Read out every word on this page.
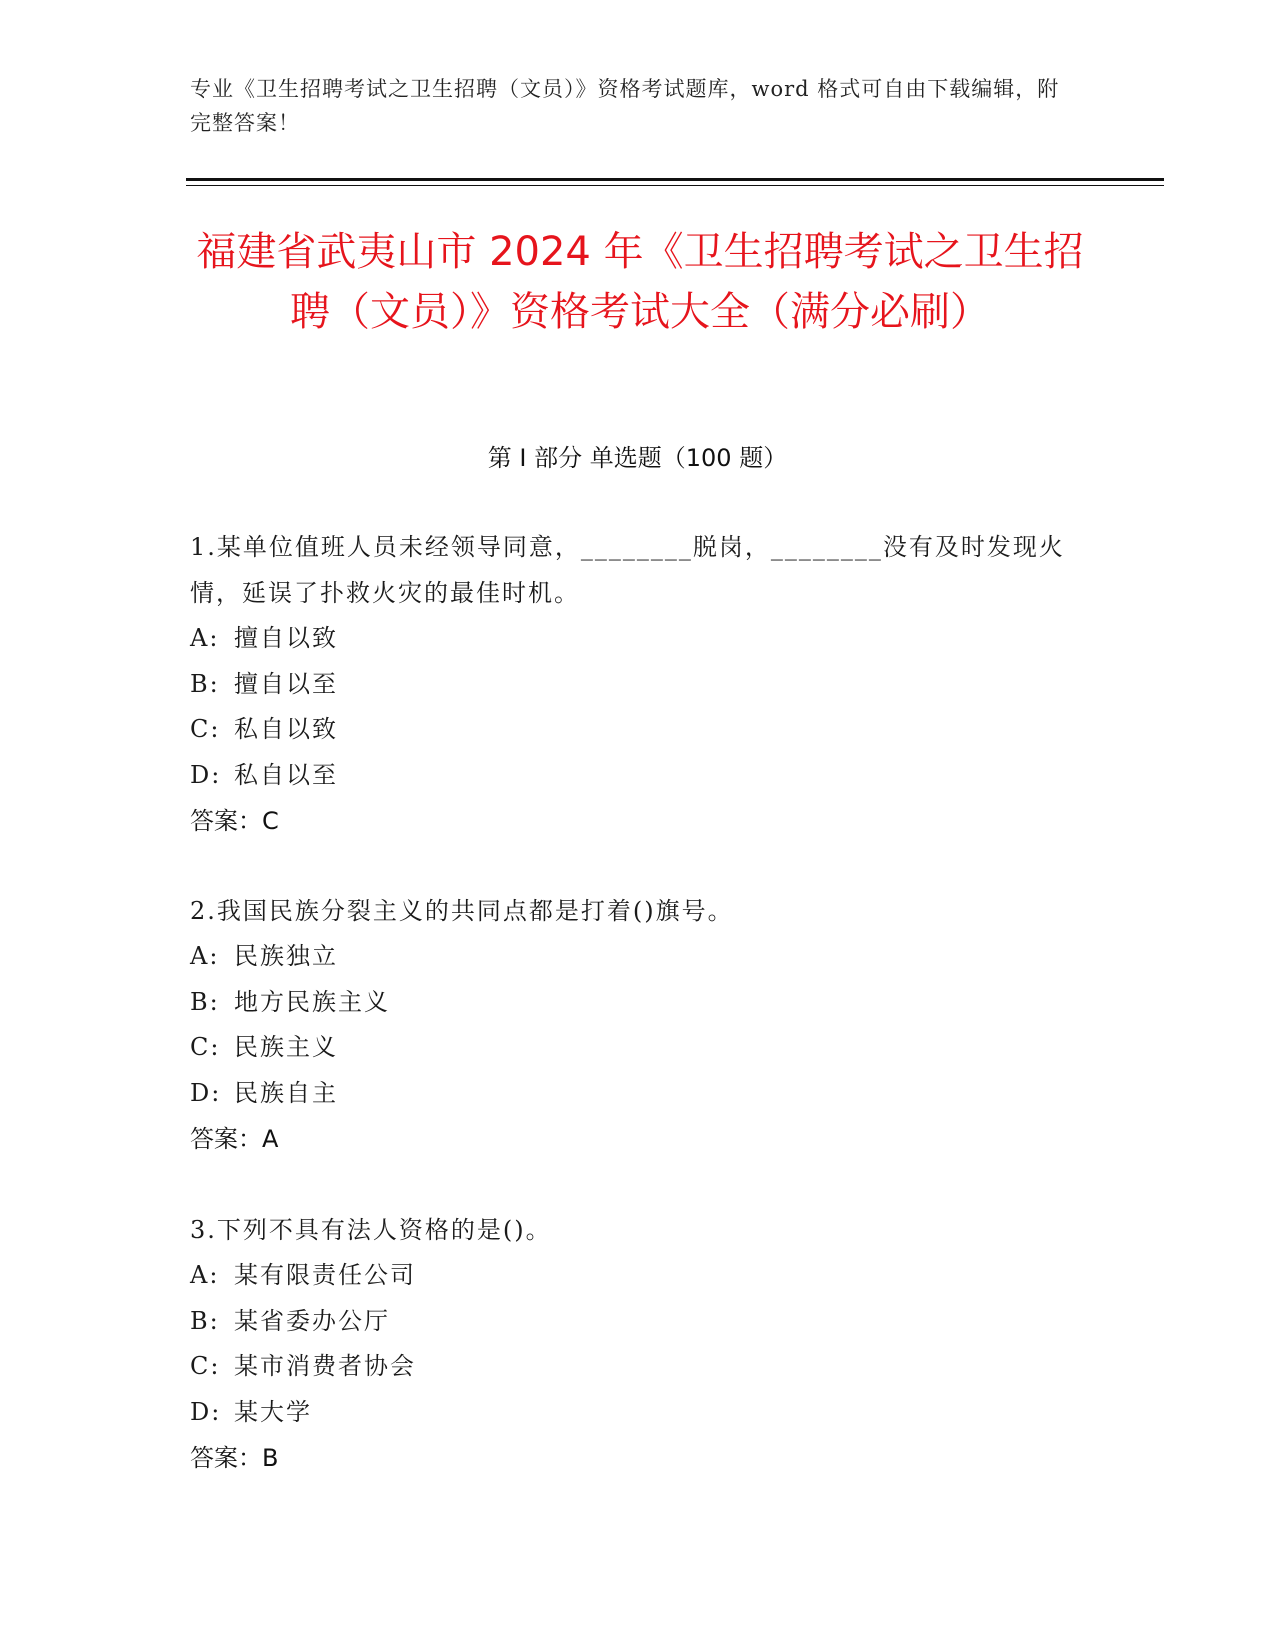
专业《卫生招聘考试之卫生招聘（文员）》资格考试题库，word 格式可自由下载编辑，附完整答案！
福建省武夷山市 2024 年《卫生招聘考试之卫生招聘（文员）》资格考试大全（满分必刷）
第 I 部分 单选题（100 题）

1.某单位值班人员未经领导同意，________脱岗，________没有及时发现火情，延误了扑救火灾的最佳时机。

A: 擅自以致

B: 擅自以至

C: 私自以致

D: 私自以至

答案：C

2.我国民族分裂主义的共同点都是打着()旗号。

A: 民族独立

B: 地方民族主义

C: 民族主义

D: 民族自主

答案：A

3.下列不具有法人资格的是()。

A: 某有限责任公司

B: 某省委办公厅

C: 某市消费者协会

D: 某大学

答案：B
